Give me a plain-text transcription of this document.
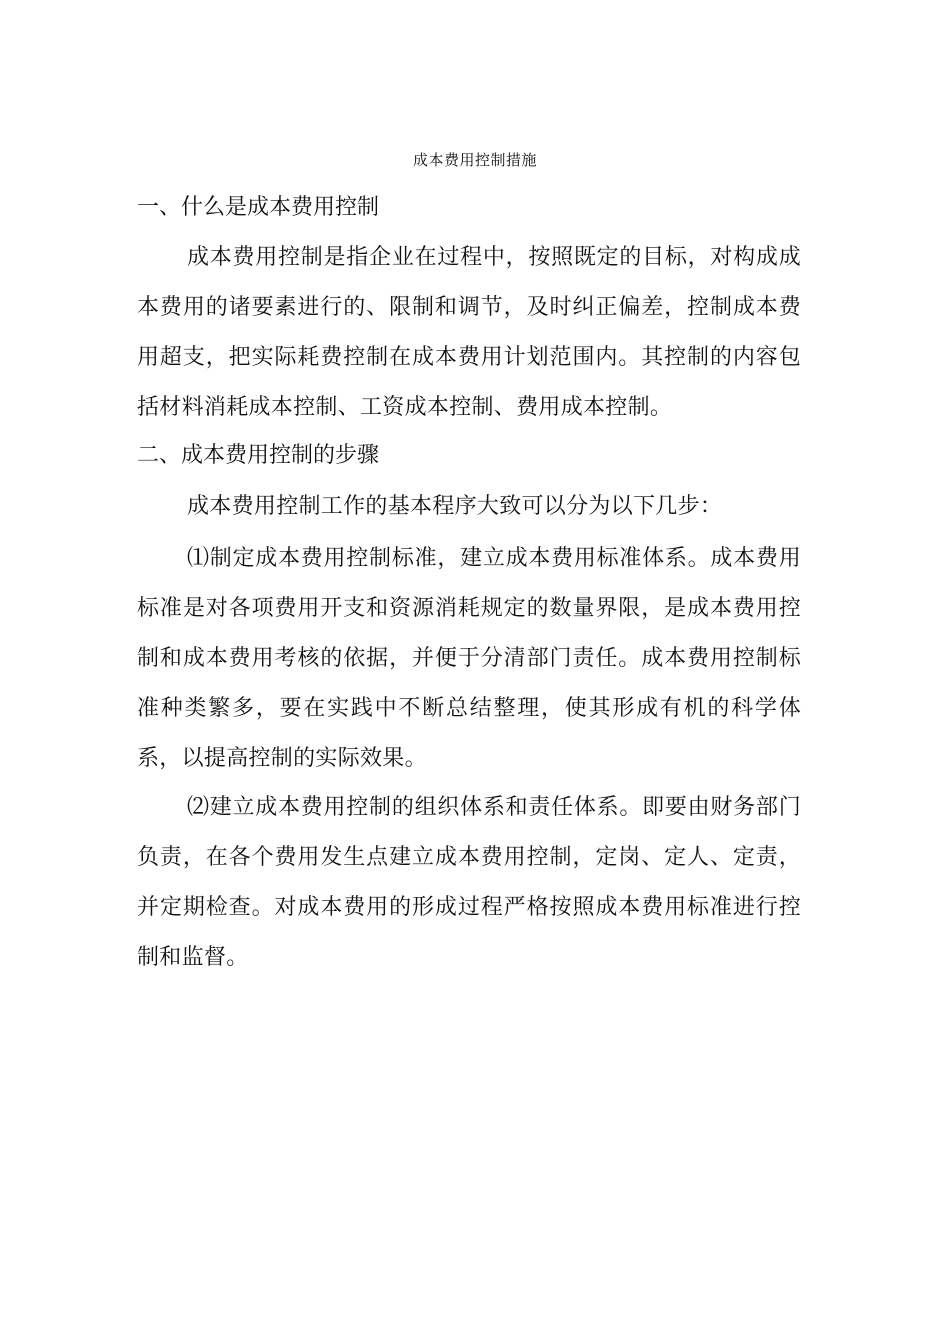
成本费用控制措施
一、什么是成本费用控制
成本费用控制是指企业在过程中，按照既定的目标，对构成成本费用的诸要素进行的、限制和调节，及时纠正偏差，控制成本费用超支，把实际耗费控制在成本费用计划范围内。其控制的内容包括材料消耗成本控制、工资成本控制、费用成本控制。
二、成本费用控制的步骤
成本费用控制工作的基本程序大致可以分为以下几步：
⑴制定成本费用控制标准，建立成本费用标准体系。成本费用标准是对各项费用开支和资源消耗规定的数量界限，是成本费用控制和成本费用考核的依据，并便于分清部门责任。成本费用控制标准种类繁多，要在实践中不断总结整理，使其形成有机的科学体系，以提高控制的实际效果。
⑵建立成本费用控制的组织体系和责任体系。即要由财务部门负责，在各个费用发生点建立成本费用控制，定岗、定人、定责，并定期检查。对成本费用的形成过程严格按照成本费用标准进行控制和监督。
